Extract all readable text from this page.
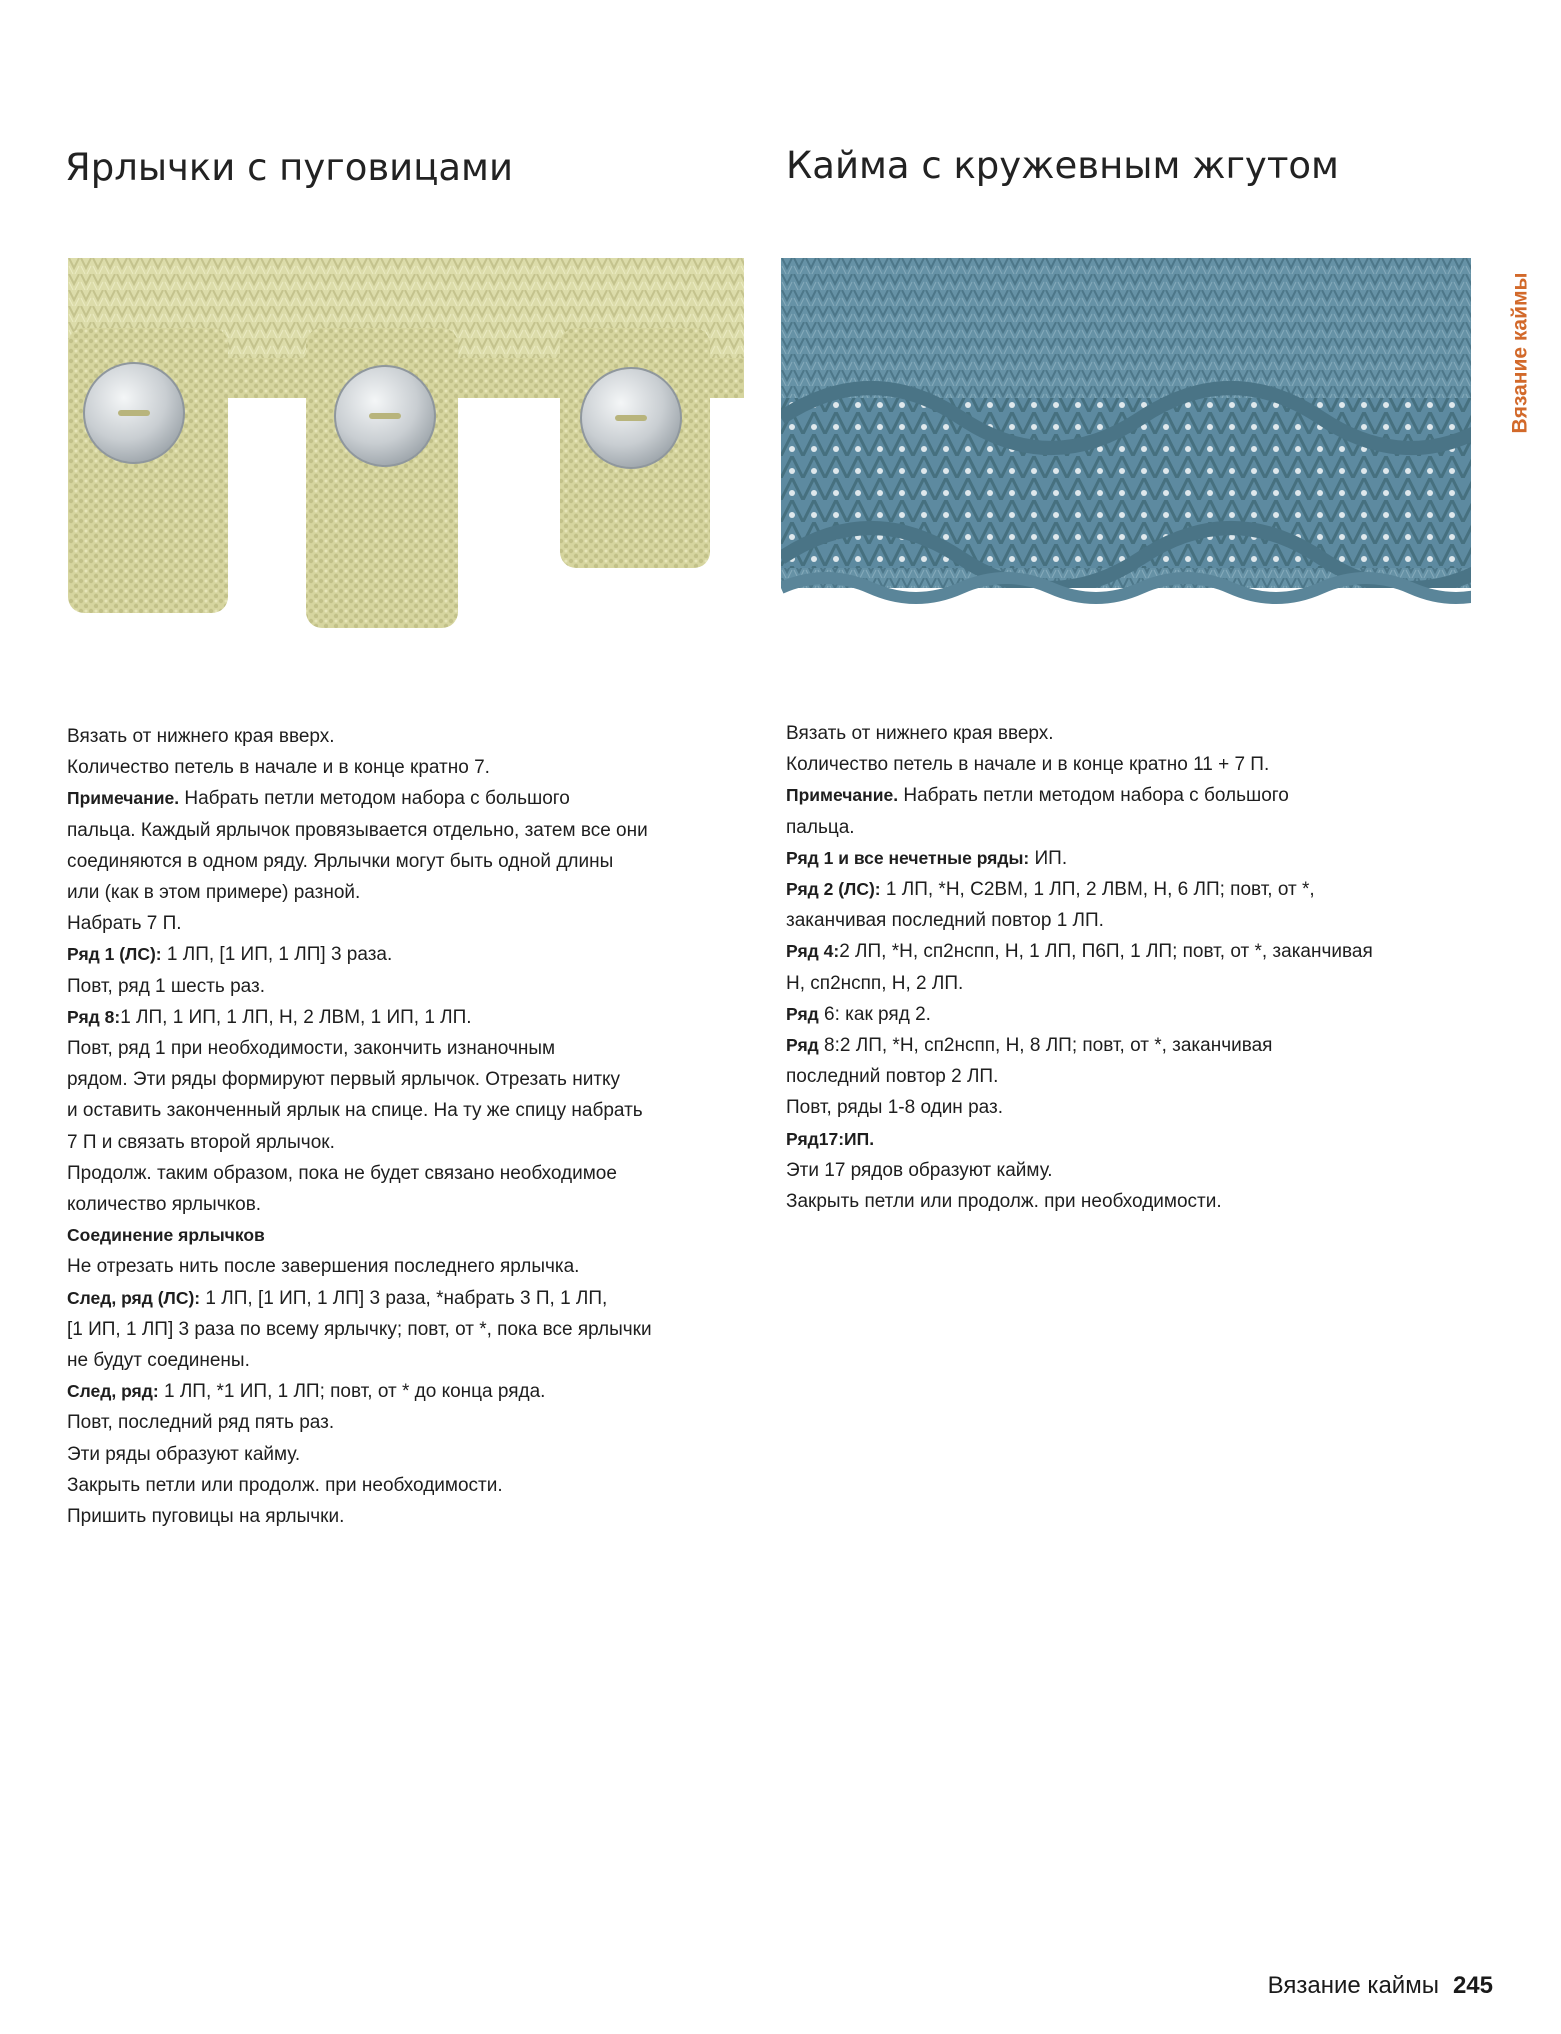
Ярлычки с пуговицами	Кайма с кружевным жгутом
Вязание каймы

Вязать от нижнего края вверх.

Количество петель в начале и в конце кратно 7.

Примечание. Набрать петли методом набора с большого

пальца. Каждый ярлычок провязывается отдельно, затем все они

соединяются в одном ряду. Ярлычки могут быть одной длины

или (как в этом примере) разной.

Набрать 7 П.

Ряд 1 (ЛС): 1 ЛП, [1 ИП, 1 ЛП] 3 раза.

Повт, ряд 1 шесть раз.

Ряд 8:1 ЛП, 1 ИП, 1 ЛП, Н, 2 ЛВМ, 1 ИП, 1 ЛП.

Повт, ряд 1 при необходимости, закончить изнаночным

рядом. Эти ряды формируют первый ярлычок. Отрезать нитку

и оставить законченный ярлык на спице. На ту же спицу набрать

7 П и связать второй ярлычок.

Продолж. таким образом, пока не будет связано необходимое

количество ярлычков.

Соединение ярлычков

Не отрезать нить после завершения последнего ярлычка.

След, ряд (ЛС): 1 ЛП, [1 ИП, 1 ЛП] 3 раза, *набрать 3 П, 1 ЛП,

[1 ИП, 1 ЛП] 3 раза по всему ярлычку; повт, от *, пока все ярлычки

не будут соединены.

След, ряд: 1 ЛП, *1 ИП, 1 ЛП; повт, от * до конца ряда.

Повт, последний ряд пять раз.

Эти ряды образуют кайму.

Закрыть петли или продолж. при необходимости.

Пришить пуговицы на ярлычки.

Вязать от нижнего края вверх.

Количество петель в начале и в конце кратно 11 + 7 П.

Примечание. Набрать петли методом набора с большого

пальца.

Ряд 1 и все нечетные ряды: ИП.

Ряд 2 (ЛС): 1 ЛП, *Н, С2ВМ, 1 ЛП, 2 ЛВМ, Н, 6 ЛП; повт, от *,

заканчивая последний повтор 1 ЛП.

Ряд 4:2 ЛП, *Н, сп2нспп, Н, 1 ЛП, П6П, 1 ЛП; повт, от *, заканчивая

Н, сп2нспп, Н, 2 ЛП.

Ряд 6: как ряд 2.

Ряд 8:2 ЛП, *Н, сп2нспп, Н, 8 ЛП; повт, от *, заканчивая

последний повтор 2 ЛП.

Повт, ряды 1-8 один раз.

Ряд17:ИП.

Эти 17 рядов образуют кайму.

Закрыть петли или продолж. при необходимости.

Вязание каймы 245
